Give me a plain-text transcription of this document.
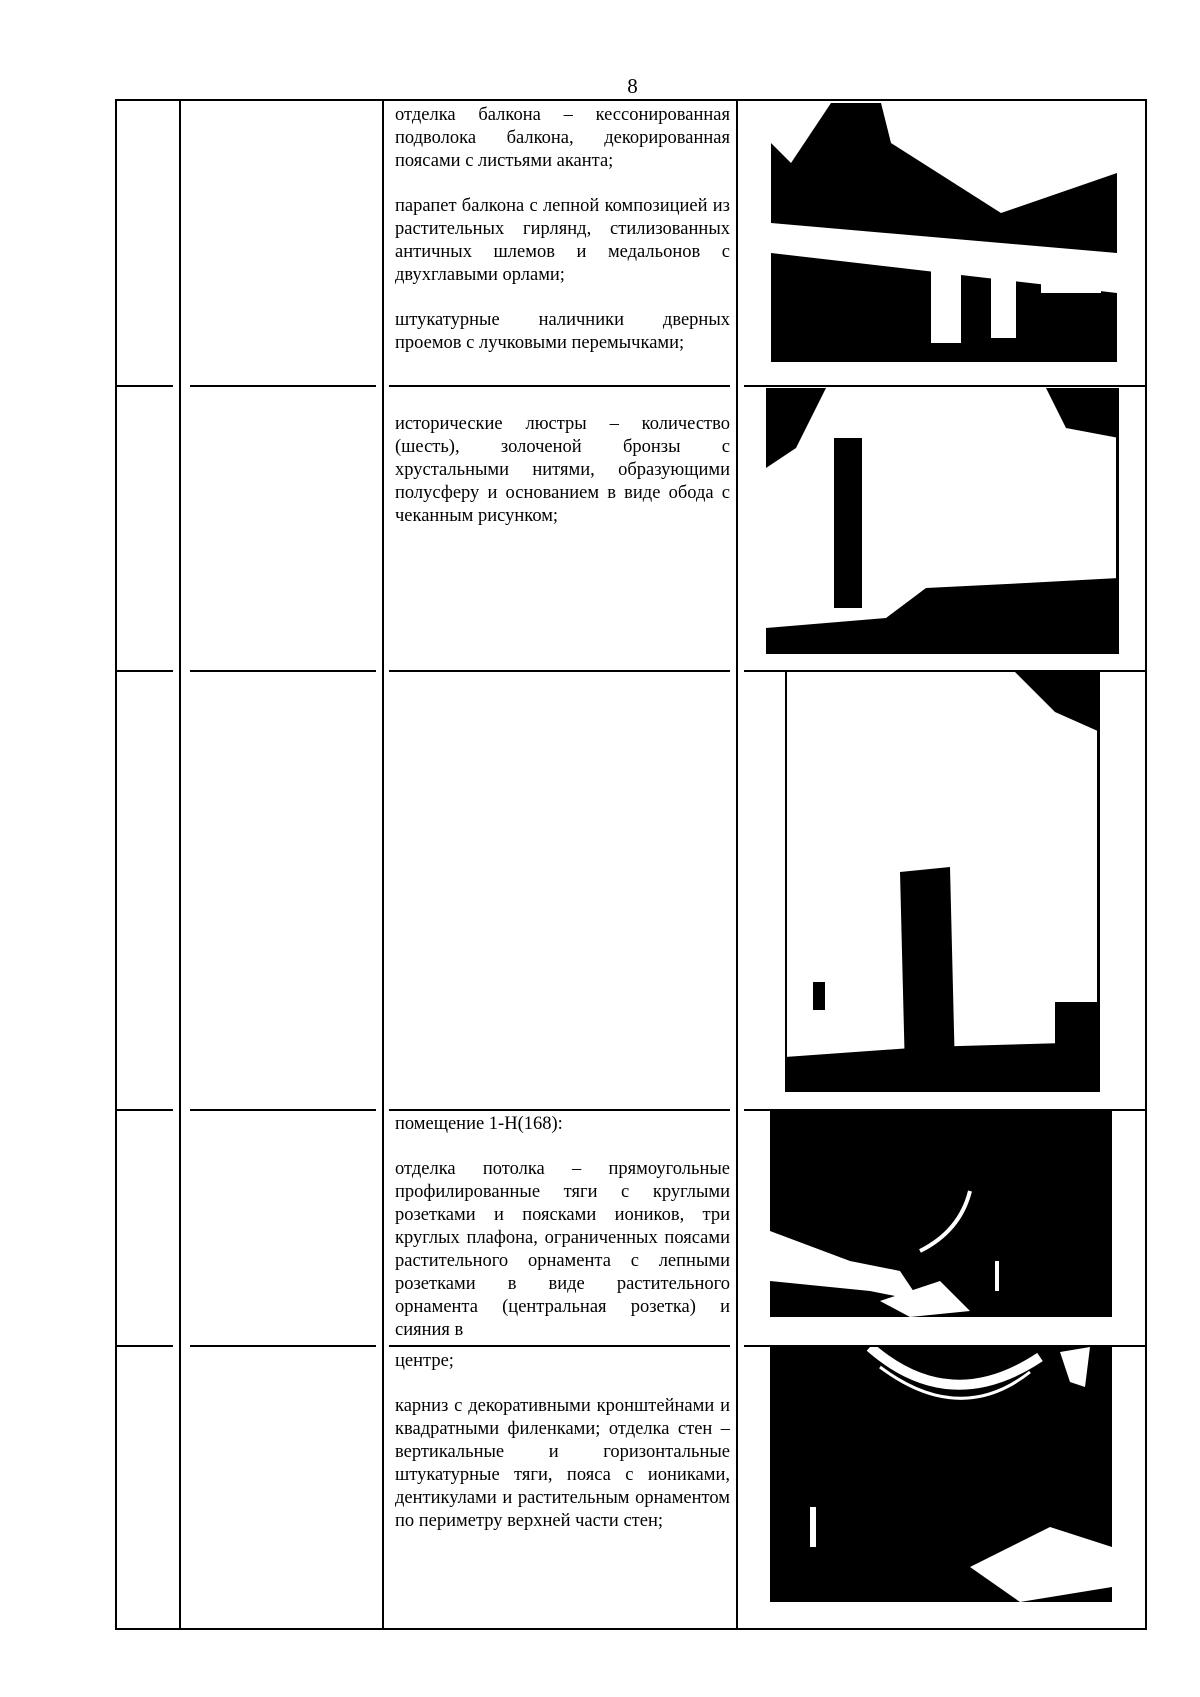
8

отделка балкона – кессонированная подволока балкона, декорированная поясами с листьями аканта;

парапет балкона с лепной композицией из растительных гирлянд, стилизованных античных шлемов и медальонов с двухглавыми орлами;

штукатурные наличники дверных проемов с лучковыми перемычками;

исторические люстры – количество (шесть), золоченой бронзы с хрустальными нитями, образующими полусферу и основанием в виде обода с чеканным рисунком;

помещение 1-Н(168):

отделка потолка – прямоугольные профилированные тяги с круглыми розетками и поясками иоников, три круглых плафона, ограниченных поясами растительного орнамента с лепными розетками в виде растительного орнамента (центральная розетка) и сияния в

центре;

карниз с декоративными кронштейнами и квадратными филенками; отделка стен – вертикальные и горизонтальные штукатурные тяги, пояса с иониками, дентикулами и растительным орнаментом по периметру верхней части стен;
